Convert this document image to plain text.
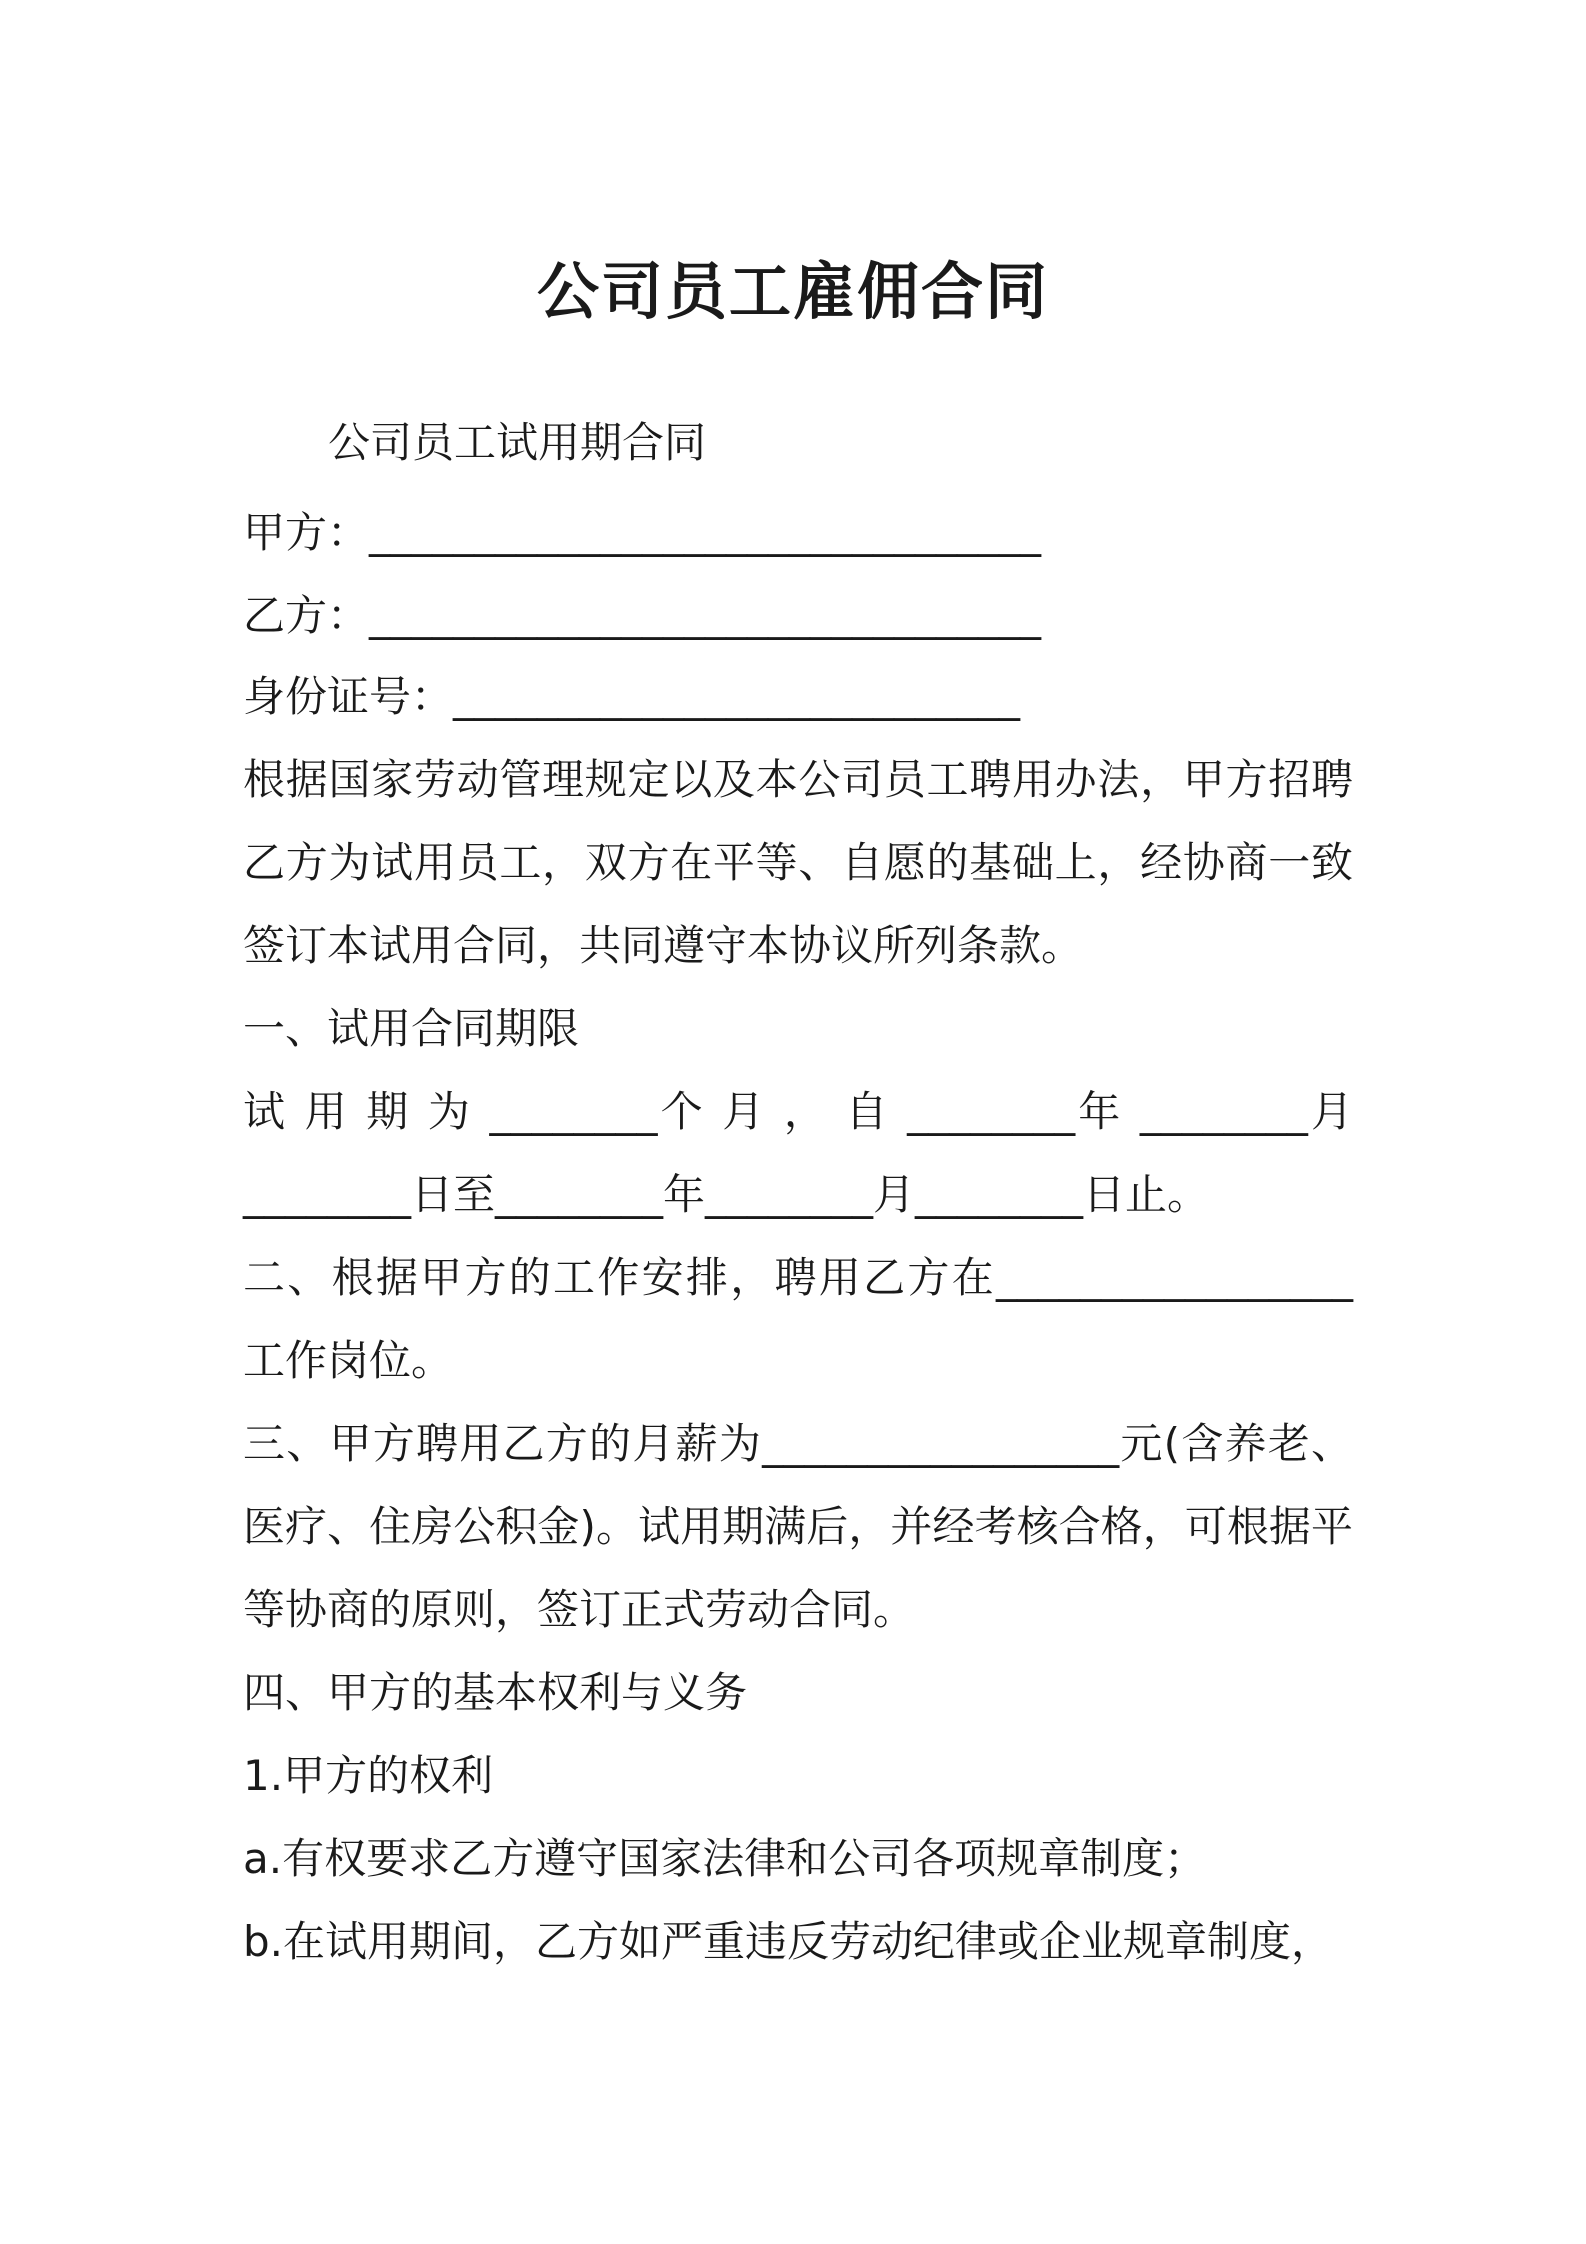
公司员工雇佣合同

公司员工试用期合同

甲方：________________________________

乙方：________________________________

身份证号：___________________________

根据国家劳动管理规定以及本公司员工聘用办法，甲方招聘

乙方为试用员工，双方在平等、自愿的基础上，经协商一致

签订本试用合同，共同遵守本协议所列条款。

一、试用合同期限

试 用 期 为 ________个 月 ， 自 ________年 ________月

________日至________年________月________日止。

二、根据甲方的工作安排，聘用乙方在_________________

工作岗位。

三、甲方聘用乙方的月薪为_________________元(含养老、

医疗、住房公积金)。试用期满后，并经考核合格，可根据平

等协商的原则，签订正式劳动合同。

四、甲方的基本权利与义务

1.甲方的权利

a.有权要求乙方遵守国家法律和公司各项规章制度；

b.在试用期间，乙方如严重违反劳动纪律或企业规章制度，
